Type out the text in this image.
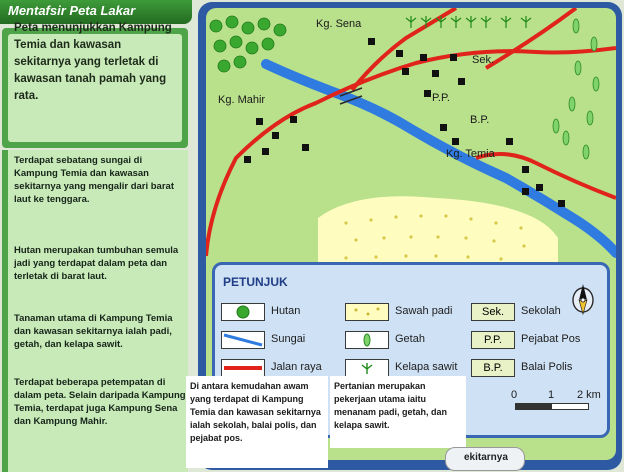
Mentafsir Peta Lakar
Peta menunjukkan Kampung Temia dan kawasan sekitarnya yang terletak di kawasan tanah pamah yang rata.
Terdapat sebatang sungai di Kampung Temia dan kawasan sekitarnya yang mengalir dari barat laut ke tenggara.
Hutan merupakan tumbuhan semula jadi yang terdapat dalam peta dan terletak di barat laut.
Tanaman utama di Kampung Temia dan kawasan sekitarnya ialah padi, getah, dan kelapa sawit.
Terdapat beberapa petempatan di dalam peta. Selain daripada Kampung Temia, terdapat juga Kampung Sena dan Kampung Mahir.
Kg. Sena
Kg. Mahir
Kg. Temia
Sek.
P.P.
B.P.
PETUNJUK
Hutan	Sawah padi	Sek.	Sekolah
Sungai	Getah	P.P.	Pejabat Pos
Jalan raya	Kelapa sawit	B.P.	Balai Polis
0	1 2 km
Di antara kemudahan awam yang terdapat di Kampung Temia dan kawasan sekitarnya ialah sekolah, balai polis, dan pejabat pos.
Pertanian merupakan pekerjaan utama iaitu menanam padi, getah, dan kelapa sawit.
ekitarnya
